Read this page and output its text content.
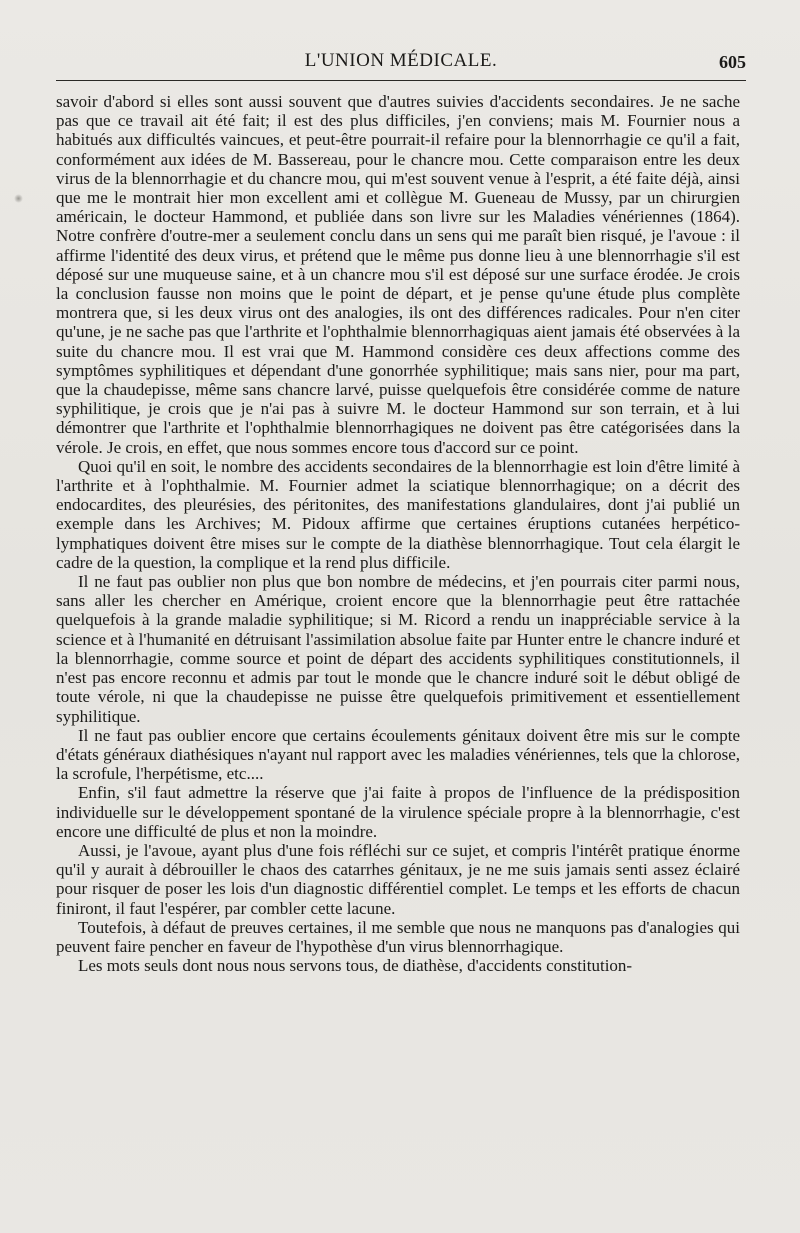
L'UNION MÉDICALE.	605

savoir d'abord si elles sont aussi souvent que d'autres suivies d'accidents secondaires. Je ne sache pas que ce travail ait été fait; il est des plus difficiles, j'en conviens; mais M. Fournier nous a habitués aux difficultés vaincues, et peut-être pourrait-il refaire pour la blennorrhagie ce qu'il a fait, conformément aux idées de M. Bassereau, pour le chancre mou. Cette comparaison entre les deux virus de la blennorrhagie et du chancre mou, qui m'est souvent venue à l'esprit, a été faite déjà, ainsi que me le montrait hier mon excellent ami et collègue M. Gueneau de Mussy, par un chirurgien américain, le docteur Hammond, et publiée dans son livre sur les Maladies vénériennes (1864). Notre confrère d'outre-mer a seulement conclu dans un sens qui me paraît bien risqué, je l'avoue : il affirme l'identité des deux virus, et prétend que le même pus donne lieu à une blennorrhagie s'il est déposé sur une muqueuse saine, et à un chancre mou s'il est déposé sur une surface érodée. Je crois la conclusion fausse non moins que le point de départ, et je pense qu'une étude plus complète montrera que, si les deux virus ont des analogies, ils ont des différences radicales. Pour n'en citer qu'une, je ne sache pas que l'arthrite et l'ophthalmie blennorrhagiquas aient jamais été observées à la suite du chancre mou. Il est vrai que M. Hammond considère ces deux affections comme des symptômes syphilitiques et dépendant d'une gonorrhée syphilitique; mais sans nier, pour ma part, que la chaudepisse, même sans chancre larvé, puisse quelquefois être considérée comme de nature syphilitique, je crois que je n'ai pas à suivre M. le docteur Hammond sur son terrain, et à lui démontrer que l'arthrite et l'ophthalmie blennorrhagiques ne doivent pas être catégorisées dans la vérole. Je crois, en effet, que nous sommes encore tous d'accord sur ce point.

Quoi qu'il en soit, le nombre des accidents secondaires de la blennorrhagie est loin d'être limité à l'arthrite et à l'ophthalmie. M. Fournier admet la sciatique blennorrhagique; on a décrit des endocardites, des pleurésies, des péritonites, des manifestations glandulaires, dont j'ai publié un exemple dans les Archives; M. Pidoux affirme que certaines éruptions cutanées herpético-lymphatiques doivent être mises sur le compte de la diathèse blennorrhagique. Tout cela élargit le cadre de la question, la complique et la rend plus difficile.

Il ne faut pas oublier non plus que bon nombre de médecins, et j'en pourrais citer parmi nous, sans aller les chercher en Amérique, croient encore que la blennorrhagie peut être rattachée quelquefois à la grande maladie syphilitique; si M. Ricord a rendu un inappréciable service à la science et à l'humanité en détruisant l'assimilation absolue faite par Hunter entre le chancre induré et la blennorrhagie, comme source et point de départ des accidents syphilitiques constitutionnels, il n'est pas encore reconnu et admis par tout le monde que le chancre induré soit le début obligé de toute vérole, ni que la chaudepisse ne puisse être quelquefois primitivement et essentiellement syphilitique.

Il ne faut pas oublier encore que certains écoulements génitaux doivent être mis sur le compte d'états généraux diathésiques n'ayant nul rapport avec les maladies vénériennes, tels que la chlorose, la scrofule, l'herpétisme, etc....

Enfin, s'il faut admettre la réserve que j'ai faite à propos de l'influence de la prédisposition individuelle sur le développement spontané de la virulence spéciale propre à la blennorrhagie, c'est encore une difficulté de plus et non la moindre.

Aussi, je l'avoue, ayant plus d'une fois réfléchi sur ce sujet, et compris l'intérêt pratique énorme qu'il y aurait à débrouiller le chaos des catarrhes génitaux, je ne me suis jamais senti assez éclairé pour risquer de poser les lois d'un diagnostic différentiel complet. Le temps et les efforts de chacun finiront, il faut l'espérer, par combler cette lacune.

Toutefois, à défaut de preuves certaines, il me semble que nous ne manquons pas d'analogies qui peuvent faire pencher en faveur de l'hypothèse d'un virus blennorrhagique.

Les mots seuls dont nous nous servons tous, de diathèse, d'accidents constitution-
